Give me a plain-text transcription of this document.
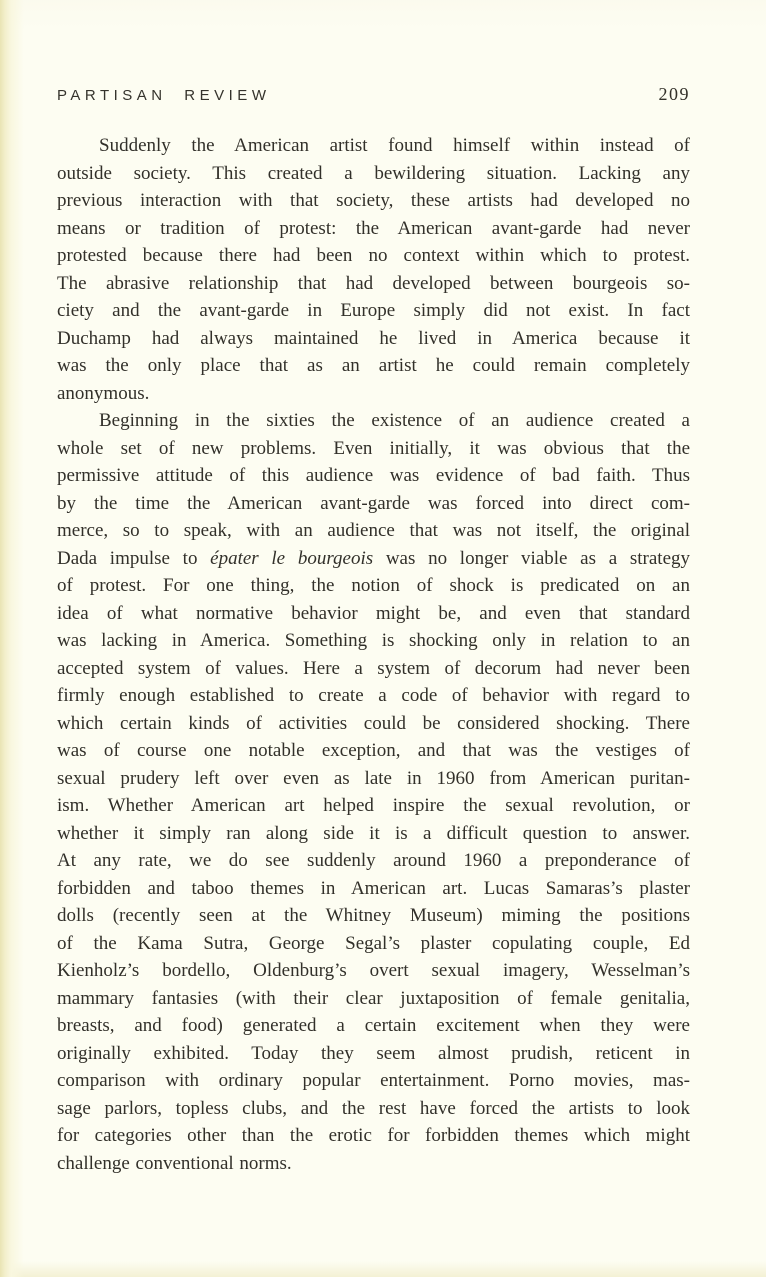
PARTISAN REVIEW	209
Suddenly the American artist found himself within instead of
outside society. This created a bewildering situation. Lacking any
previous interaction with that society, these artists had developed no
means or tradition of protest: the American avant-garde had never
protested because there had been no context within which to protest.
The abrasive relationship that had developed between bourgeois so-
ciety and the avant-garde in Europe simply did not exist. In fact
Duchamp had always maintained he lived in America because it
was the only place that as an artist he could remain completely
anonymous.
Beginning in the sixties the existence of an audience created a
whole set of new problems. Even initially, it was obvious that the
permissive attitude of this audience was evidence of bad faith. Thus
by the time the American avant-garde was forced into direct com-
merce, so to speak, with an audience that was not itself, the original
Dada impulse to épater le bourgeois was no longer viable as a strategy
of protest. For one thing, the notion of shock is predicated on an
idea of what normative behavior might be, and even that standard
was lacking in America. Something is shocking only in relation to an
accepted system of values. Here a system of decorum had never been
firmly enough established to create a code of behavior with regard to
which certain kinds of activities could be considered shocking. There
was of course one notable exception, and that was the vestiges of
sexual prudery left over even as late in 1960 from American puritan-
ism. Whether American art helped inspire the sexual revolution, or
whether it simply ran along side it is a difficult question to answer.
At any rate, we do see suddenly around 1960 a preponderance of
forbidden and taboo themes in American art. Lucas Samaras’s plaster
dolls (recently seen at the Whitney Museum) miming the positions
of the Kama Sutra, George Segal’s plaster copulating couple, Ed
Kienholz’s bordello, Oldenburg’s overt sexual imagery, Wesselman’s
mammary fantasies (with their clear juxtaposition of female genitalia,
breasts, and food) generated a certain excitement when they were
originally exhibited. Today they seem almost prudish, reticent in
comparison with ordinary popular entertainment. Porno movies, mas-
sage parlors, topless clubs, and the rest have forced the artists to look
for categories other than the erotic for forbidden themes which might
challenge conventional norms.
